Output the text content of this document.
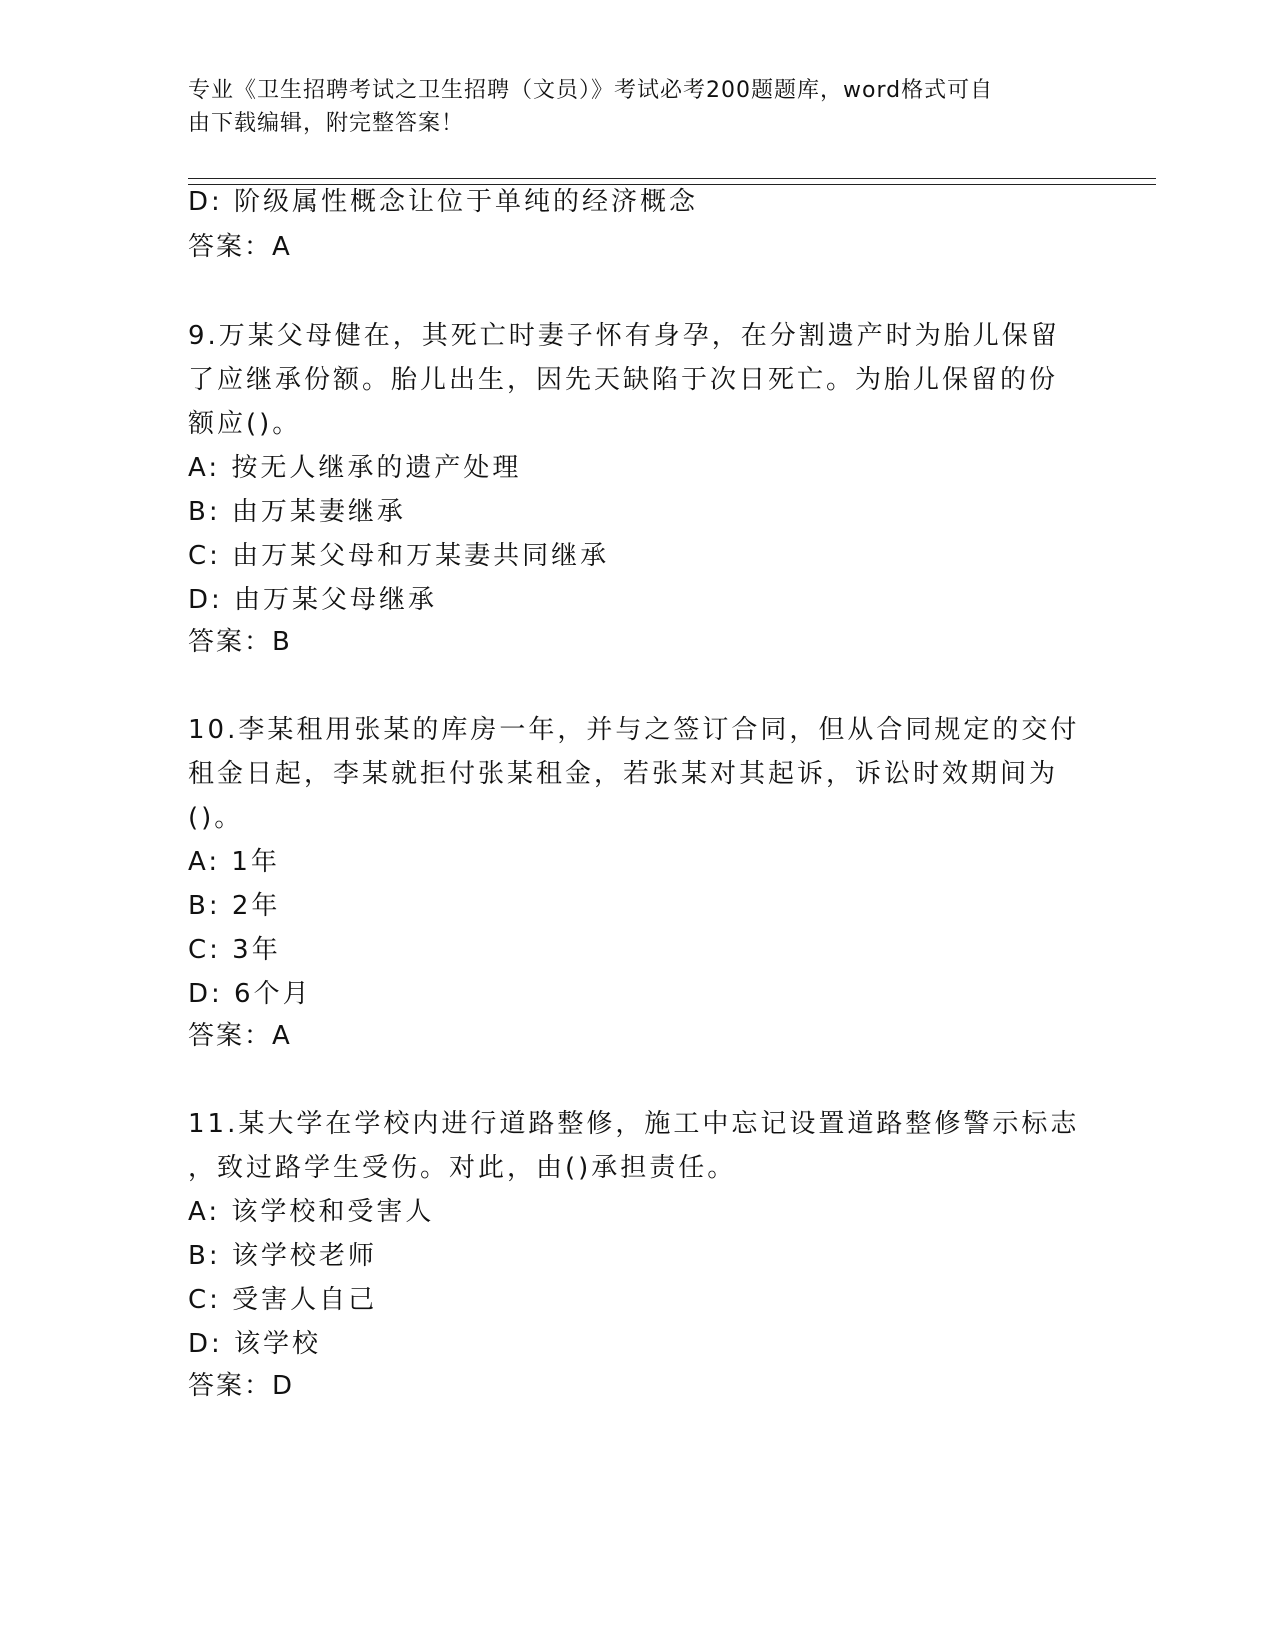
专业《卫生招聘考试之卫生招聘（文员）》考试必考200题题库，word格式可自
由下载编辑，附完整答案！
D: 阶级属性概念让位于单纯的经济概念
答案：A
9.万某父母健在，其死亡时妻子怀有身孕，在分割遗产时为胎儿保留
了应继承份额。胎儿出生，因先天缺陷于次日死亡。为胎儿保留的份
额应()。
A: 按无人继承的遗产处理
B: 由万某妻继承
C: 由万某父母和万某妻共同继承
D: 由万某父母继承
答案：B
10.李某租用张某的库房一年，并与之签订合同，但从合同规定的交付
租金日起，李某就拒付张某租金，若张某对其起诉，诉讼时效期间为
()。
A: 1年
B: 2年
C: 3年
D: 6个月
答案：A
11.某大学在学校内进行道路整修，施工中忘记设置道路整修警示标志
，致过路学生受伤。对此，由()承担责任。
A: 该学校和受害人
B: 该学校老师
C: 受害人自己
D: 该学校
答案：D
